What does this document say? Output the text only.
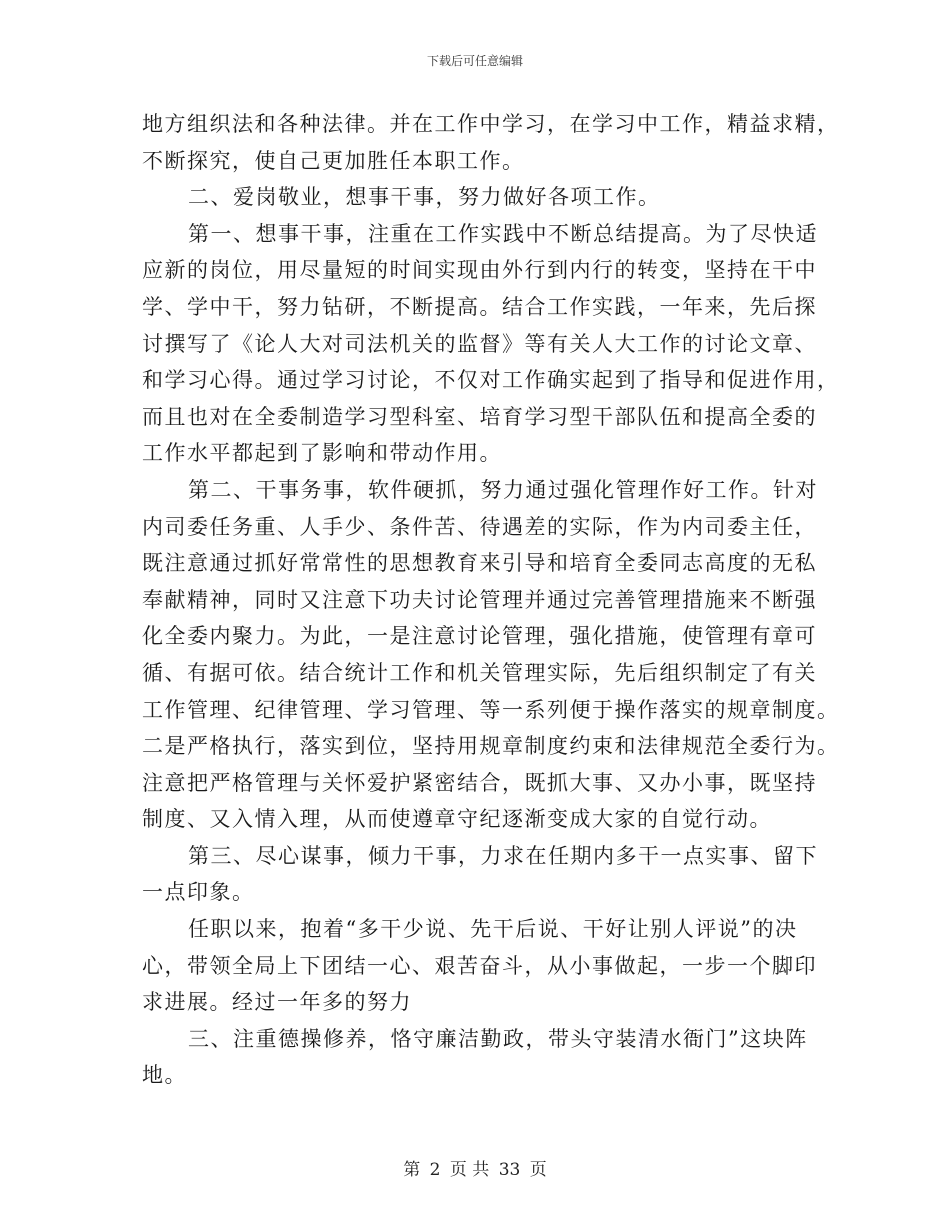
下载后可任意编辑
地方组织法和各种法律。并在工作中学习，在学习中工作，精益求精，
不断探究，使自己更加胜任本职工作。
二、爱岗敬业，想事干事，努力做好各项工作。
第一、想事干事，注重在工作实践中不断总结提高。为了尽快适
应新的岗位，用尽量短的时间实现由外行到内行的转变，坚持在干中
学、学中干，努力钻研，不断提高。结合工作实践，一年来，先后探
讨撰写了《论人大对司法机关的监督》等有关人大工作的讨论文章、
和学习心得。通过学习讨论，不仅对工作确实起到了指导和促进作用，
而且也对在全委制造学习型科室、培育学习型干部队伍和提高全委的
工作水平都起到了影响和带动作用。
第二、干事务事，软件硬抓，努力通过强化管理作好工作。针对
内司委任务重、人手少、条件苦、待遇差的实际，作为内司委主任，
既注意通过抓好常常性的思想教育来引导和培育全委同志高度的无私
奉献精神，同时又注意下功夫讨论管理并通过完善管理措施来不断强
化全委内聚力。为此，一是注意讨论管理，强化措施，使管理有章可
循、有据可依。结合统计工作和机关管理实际，先后组织制定了有关
工作管理、纪律管理、学习管理、等一系列便于操作落实的规章制度。
二是严格执行，落实到位，坚持用规章制度约束和法律规范全委行为。
注意把严格管理与关怀爱护紧密结合，既抓大事、又办小事，既坚持
制度、又入情入理，从而使遵章守纪逐渐变成大家的自觉行动。
第三、尽心谋事，倾力干事，力求在任期内多干一点实事、留下
一点印象。
任职以来，抱着“多干少说、先干后说、干好让别人评说”的决
心，带领全局上下团结一心、艰苦奋斗，从小事做起，一步一个脚印
求进展。经过一年多的努力
三、注重德操修养，恪守廉洁勤政，带头守装清水衙门”这块阵
地。
第 2 页 共 33 页
